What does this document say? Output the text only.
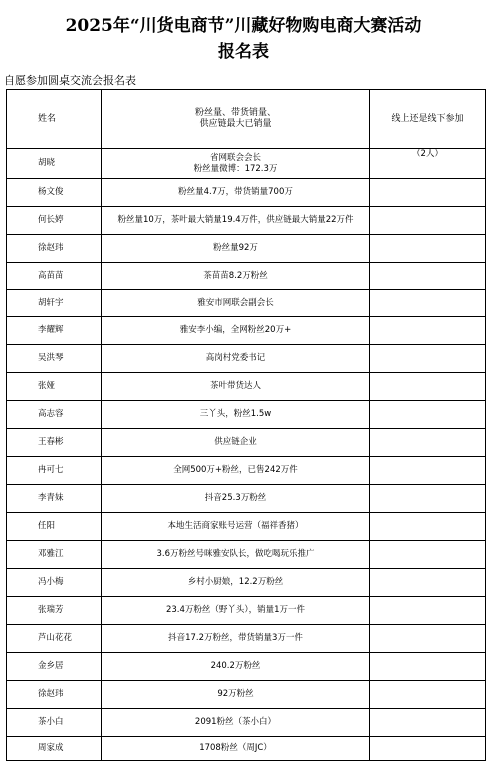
2025年“川货电商节”川藏好物购电商大赛活动
报名表
自愿参加圆桌交流会报名表
姓名	粉丝量、带货销量、
供应链最大已销量	线上还是线下参加
胡晓	省网联会会长
粉丝量微博：172.3万	（2人）
杨文俊	粉丝量4.7万，带货销量700万	
何长婷	粉丝量10万，茶叶最大销量19.4万件，供应链最大销量22万件	
徐赵玮	粉丝量92万	
高苗苗	茶苗苗8.2万粉丝	
胡轩宇	雅安市网联会副会长	
李耀辉	雅安李小编，全网粉丝20万+	
吴洪琴	高岗村党委书记	
张娅	茶叶带货达人	
高志容	三丫头，粉丝1.5w	
王春彬	供应链企业	
冉可七	全网500万+粉丝，已售242万件	
李青妹	抖音25.3万粉丝	
任阳	本地生活商家账号运营（福祥香猪）	
邓雅江	3.6万粉丝号咪雅安队长，做吃喝玩乐推广	
冯小梅	乡村小厨娘，12.2万粉丝	
张瑞芳	23.4万粉丝（野丫头），销量1万一件	
芦山花花	抖音17.2万粉丝，带货销量3万一件	
金乡居	240.2万粉丝	
徐赵玮	92万粉丝	
茶小白	2091粉丝（茶小白）	
周家成	1708粉丝（周JC）	
